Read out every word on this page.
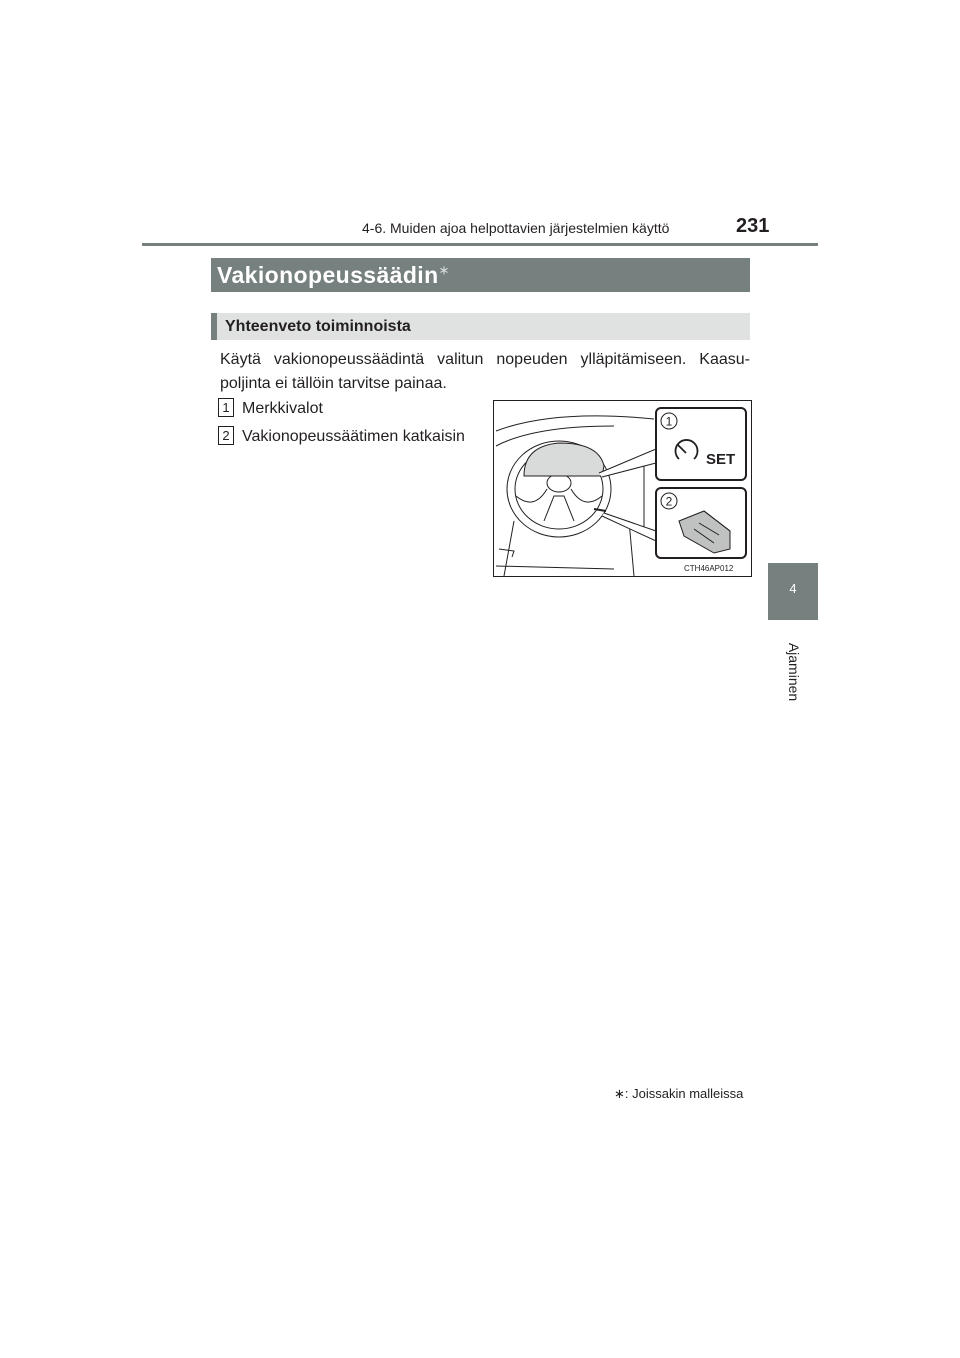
4-6. Muiden ajoa helpottavien järjestelmien käyttö	231
4
Ajaminen
Vakionopeussäädin∗
Yhteenveto toiminnoista
Käytä vakionopeussäädintä valitun nopeuden ylläpitämiseen. Kaasu-poljinta ei tällöin tarvitse painaa.
1 Merkkivalot
2 Vakionopeussäätimen katkaisin
1
SET
2
CTH46AP012
∗: Joissakin malleissa
